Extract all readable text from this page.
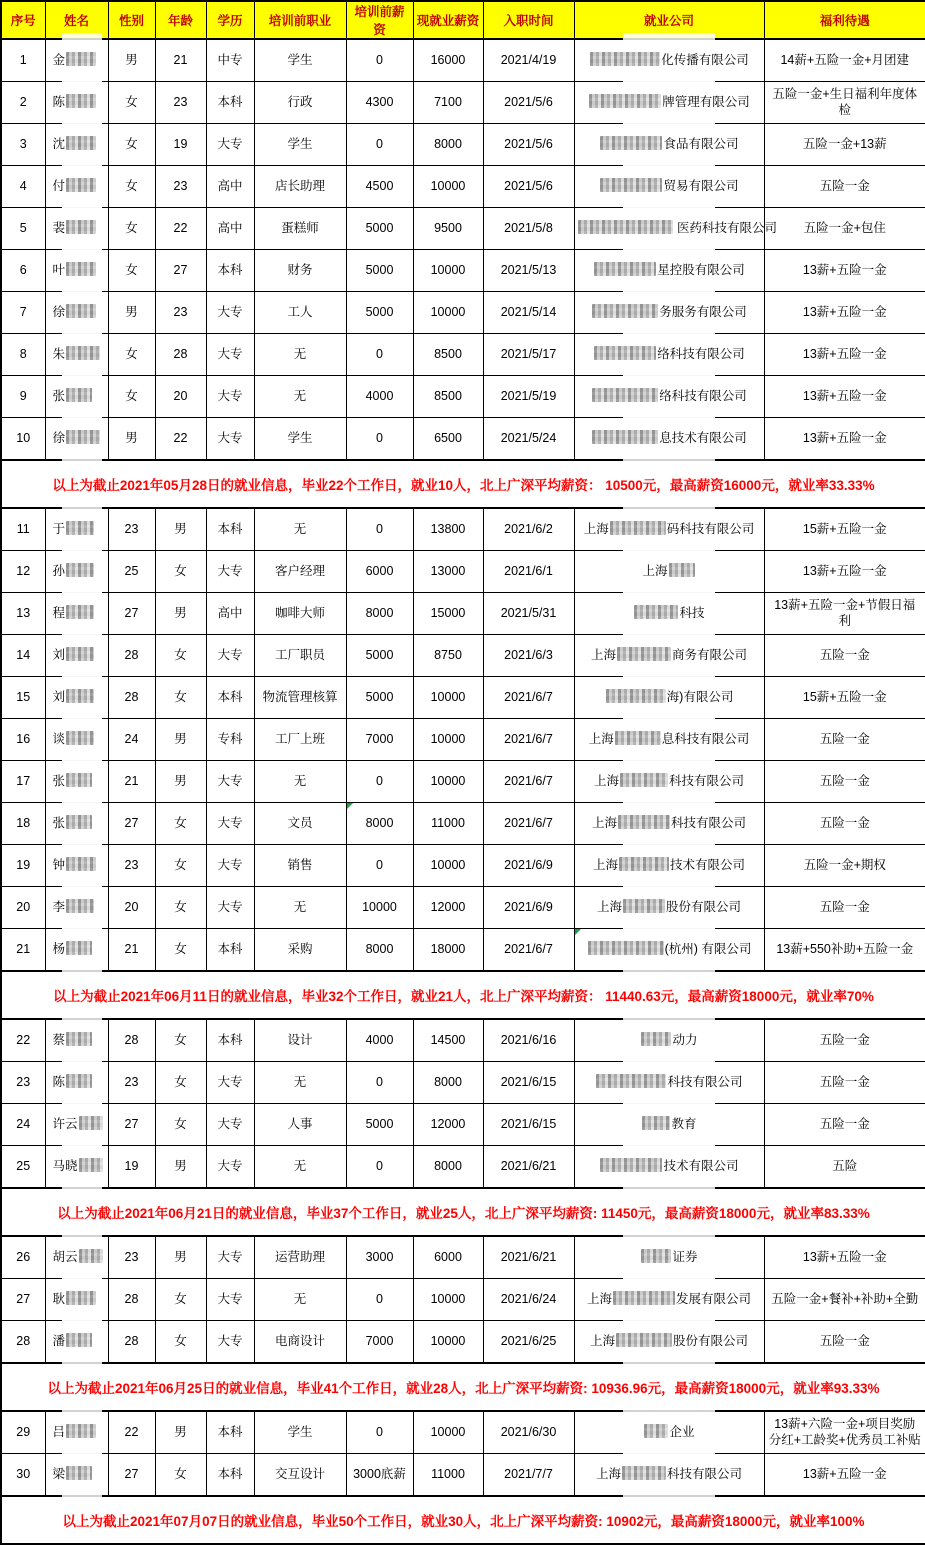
序号	姓名	性别	年龄	学历	培训前职业	培训前薪资	现就业薪资	入职时间	就业公司	福利待遇
1	金	男	21	中专	学生	0	16000	2021/4/19	化传播有限公司	14薪+五险一金+月团建
2	陈	女	23	本科	行政	4300	7100	2021/5/6	牌管理有限公司	五险一金+生日福利年度体检
3	沈	女	19	大专	学生	0	8000	2021/5/6	食品有限公司	五险一金+13薪
4	付	女	23	高中	店长助理	4500	10000	2021/5/6	贸易有限公司	五险一金
5	裴	女	22	高中	蛋糕师	5000	9500	2021/5/8	医药科技有限公司	五险一金+包住
6	叶	女	27	本科	财务	5000	10000	2021/5/13	星控股有限公司	13薪+五险一金
7	徐	男	23	大专	工人	5000	10000	2021/5/14	务服务有限公司	13薪+五险一金
8	朱	女	28	大专	无	0	8500	2021/5/17	络科技有限公司	13薪+五险一金
9	张	女	20	大专	无	4000	8500	2021/5/19	络科技有限公司	13薪+五险一金
10	徐	男	22	大专	学生	0	6500	2021/5/24	息技术有限公司	13薪+五险一金
以上为截止2021年05月28日的就业信息，毕业22个工作日，就业10人，北上广深平均薪资： 10500元，最高薪资16000元，就业率33.33%										
11	于	23	男	本科	无	0	13800	2021/6/2	上海 码科技有限公司	15薪+五险一金
12	孙	25	女	大专	客户经理	6000	13000	2021/6/1	上海	13薪+五险一金
13	程	27	男	高中	咖啡大师	8000	15000	2021/5/31	科技	13薪+五险一金+节假日福利
14	刘	28	女	大专	工厂职员	5000	8750	2021/6/3	上海 商务有限公司	五险一金
15	刘	28	女	本科	物流管理核算	5000	10000	2021/6/7	海)有限公司	15薪+五险一金
16	谈	24	男	专科	工厂上班	7000	10000	2021/6/7	上海 息科技有限公司	五险一金
17	张	21	男	大专	无	0	10000	2021/6/7	上海 科技有限公司	五险一金
18	张	27	女	大专	文员	8000	11000	2021/6/7	上海 科技有限公司	五险一金
19	钟	23	女	大专	销售	0	10000	2021/6/9	上海 技术有限公司	五险一金+期权
20	李	20	女	大专	无	10000	12000	2021/6/9	上海 股份有限公司	五险一金
21	杨	21	女	本科	采购	8000	18000	2021/6/7	(杭州) 有限公司	13薪+550补助+五险一金
以上为截止2021年06月11日的就业信息，毕业32个工作日，就业21人，北上广深平均薪资： 11440.63元，最高薪资18000元，就业率70%										
22	蔡	28	女	本科	设计	4000	14500	2021/6/16	动力	五险一金
23	陈	23	女	大专	无	0	8000	2021/6/15	科技有限公司	五险一金
24	许云	27	女	大专	人事	5000	12000	2021/6/15	教育	五险一金
25	马晓	19	男	大专	无	0	8000	2021/6/21	技术有限公司	五险
以上为截止2021年06月21日的就业信息，毕业37个工作日，就业25人，北上广深平均薪资: 11450元，最高薪资18000元，就业率83.33%										
26	胡云	23	男	大专	运营助理	3000	6000	2021/6/21	证券	13薪+五险一金
27	耿	28	女	大专	无	0	10000	2021/6/24	上海 发展有限公司	五险一金+餐补+补助+全勤
28	潘	28	女	大专	电商设计	7000	10000	2021/6/25	上海 股份有限公司	五险一金
以上为截止2021年06月25日的就业信息，毕业41个工作日，就业28人，北上广深平均薪资: 10936.96元，最高薪资18000元，就业率93.33%										
29	吕	22	男	本科	学生	0	10000	2021/6/30	企业	13薪+六险一金+项目奖励分红+工龄奖+优秀员工补贴
30	梁	27	女	本科	交互设计	3000底薪	11000	2021/7/7	上海 科技有限公司	13薪+五险一金
以上为截止2021年07月07日的就业信息，毕业50个工作日，就业30人，北上广深平均薪资: 10902元，最高薪资18000元，就业率100%										
